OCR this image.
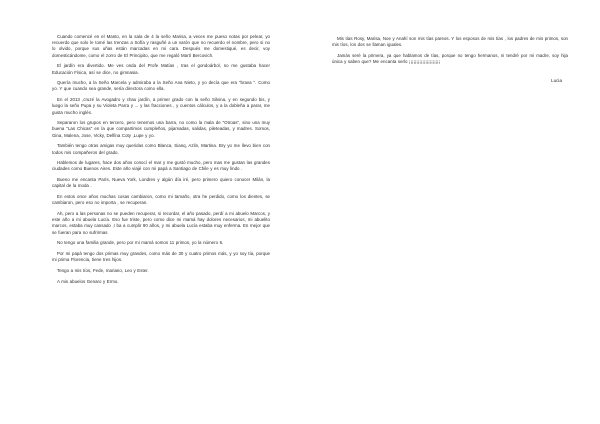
Cuando comencé en el Manto, en la sala de 4 la seño Marisa, a veces me pueso notas por pelear, yo recuerdo que solo le tomé las trenzas a Sofía y rasguñé a un varón que no recuerdo el nombre, pero si no lo olvido, porque sus uñas están marcadas en mi cara. Después me domestiqué, es decir, voy domesticándome, como el zorro de El Principito, que me regaló Martí Bercovich.

El jardín era divertido. Me ves onda del Profe Matías , tras el gondoárbol, no me gustaba hacer Educación Física, así se dice, no gimnasia.

Quería mucho, a la Seño Marcela y admiraba a la Seño Ana Nieto, y yo decía que era "brava ". Como yo. Y que cuando sea grande, sería directora como ella.

En el 2013 ,cruzé la Avogadro y chau jardín, a primer grado con la seño Silvina, y en segundo bis, y luego la seño Pupa y su Violeta Parra y ... y las fracciones , y cuentos cálculos, y a la dobleña a parar, me gusta mucho inglés.

Separaron los grupos en tercero, pero tenemos una barra, no como la mala de "Otroas", sino una muy buena "Las Chicas" en la que compartimos cumpleños, pijamadas, salidas, pileteadas, y madres. Somos, Gina, Malena, Jose, Vicky, Delfina Coty ,Lupe y yo.

También tengo otras amigas muy queridas como Blanca, Sianq, Azlin, Martina. Bry yo me llevo bien con todos mis compañeros del grado.

Hablemos de lugares, hace dos años conocí el mar y me gustó mucho, pero mas me gustan las grandes ciudades como Buenos Aires. Este año viajé con mi papá a Santiago de Chile y es muy lindo .

Bueno me encanta París, Nueva York, Londres y algún día iré, pero primero quiero conocer Milán, la capital de la moda .

En estos once años muchas cosas cambiaron, como mi tamaño, otra he perdido, como los dientes, se cambiaron, pero eso no importa , se recuperan.

Ah, pero a las personas no se pueden recuperar, si recordar, el año pasado, perdí a mi abuelo Marcos, y este año a mi abuela Lucía. Eso fue triste, pero como dice mi mamá hay dolores necesarios, mi abuelito marcos, estaba muy cansado ,! ba a cumplir 90 años, y mi abuela Lucía estaba muy enferma. En mejor que se fueran para no sufrirmas

No tengo una familia grande, pero por mi mamá somos 11 primos, yo la número 6.

Por mi papá tengo dos primas muy grandes, como más de 30 y cuatro primos más, y yo soy tía, porque mi prima Florencia, tiene tres hijos.

Tengo a mis tíos, Fede, mariano, Leo y Ester.

A mis abuelos Genaro y Ermo.

Mis tías Rosy, Marisa, Noe y Anahí son mis tías pareos. Y los esposos de mis tías , los padres de mis primos, son mis tíos, los dos se llaman iguales.

Jamás seré la primera, ya que hablamos de tías, porque no tengo hermanos, ni tendré por mi madre, soy hija única y saben que? Me encanta serlo ¡¡¡¡¡¡¡¡¡¡¡¡¡¡¡¡¡¡¡¡¡

Lucia
